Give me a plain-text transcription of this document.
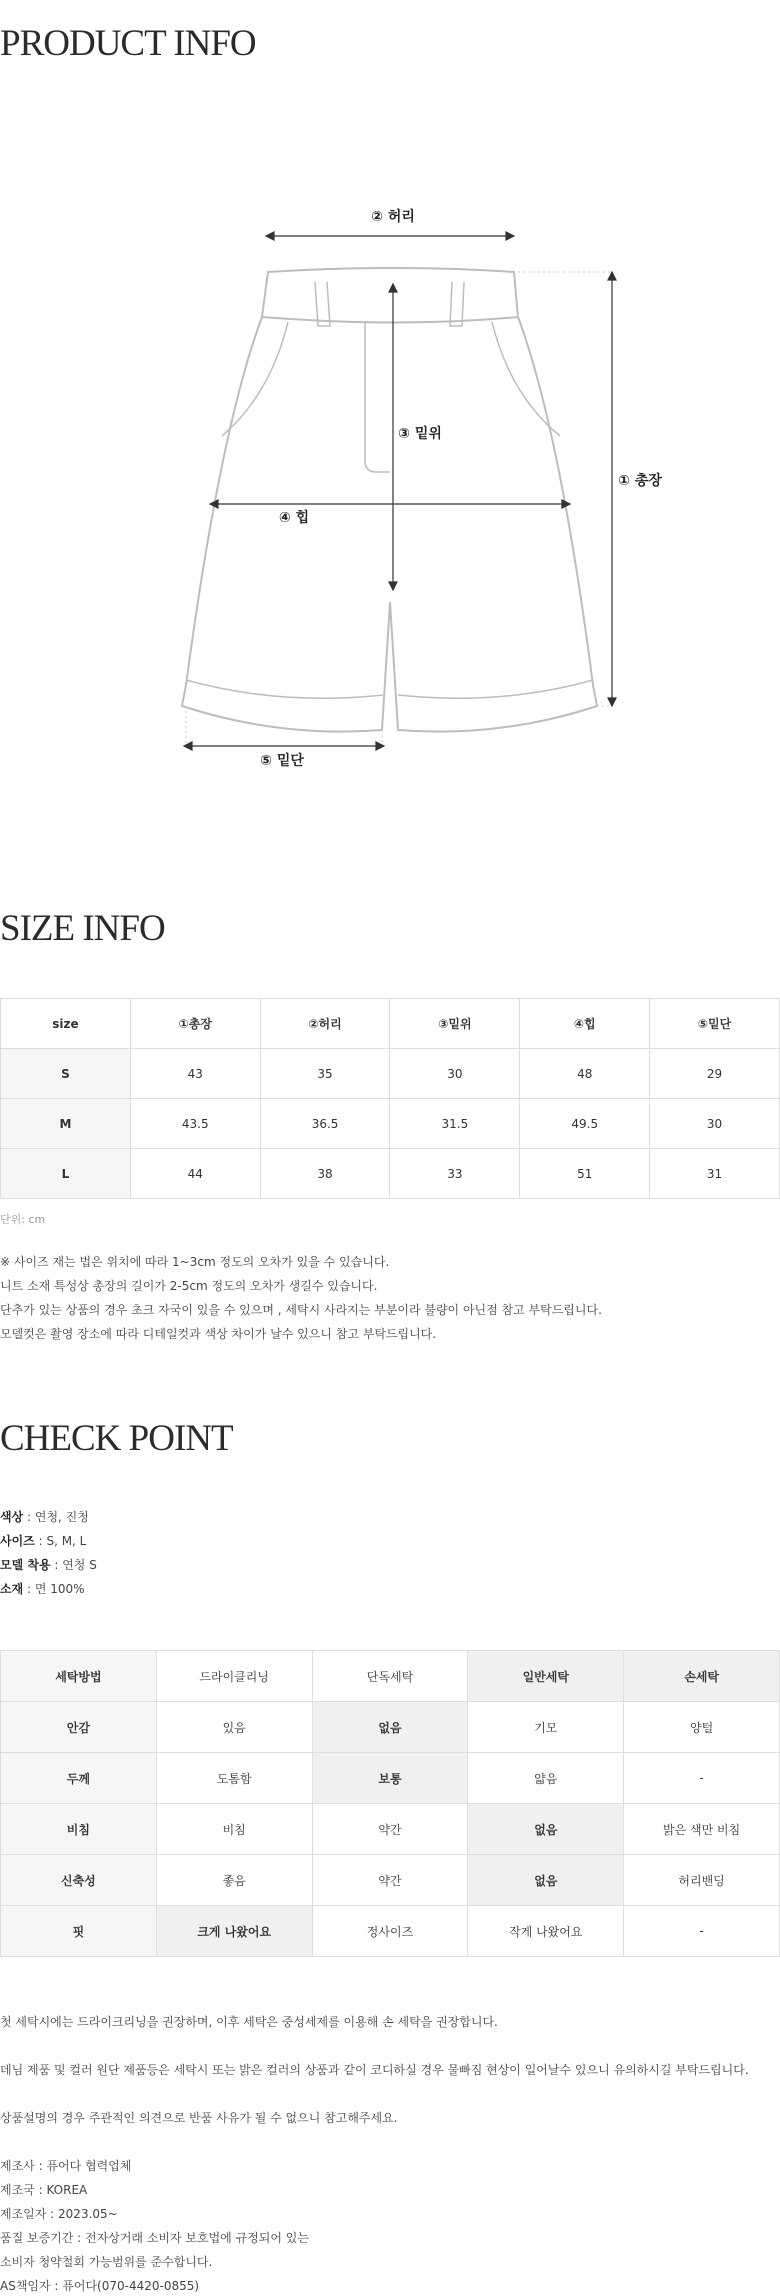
PRODUCT INFO
② 허리
① 총장
③ 밑위
④ 힙
⑤ 밑단
SIZE INFO
size	①총장	②허리	③밑위	④힙	⑤밑단
S	43	35	30	48	29
M	43.5	36.5	31.5	49.5	30
L	44	38	33	51	31
단위: cm
※ 사이즈 재는 법은 위치에 따라 1~3cm 정도의 오차가 있을 수 있습니다.
니트 소재 특성상 총장의 길이가 2-5cm 정도의 오차가 생길수 있습니다.
단추가 있는 상품의 경우 초크 자국이 있을 수 있으며 , 세탁시 사라지는 부분이라 불량이 아닌점 참고 부탁드립니다.
모델컷은 촬영 장소에 따라 디테일컷과 색상 차이가 날수 있으니 참고 부탁드립니다.
CHECK POINT
색상 : 연청, 진청
사이즈 : S, M, L
모델 착용 : 연청 S
소재 : 면 100%
세탁방법	드라이클리닝	단독세탁	일반세탁	손세탁
안감	있음	없음	기모	양털
두께	도톰함	보통	얇음	-
비침	비침	약간	없음	밝은 색만 비침
신축성	좋음	약간	없음	허리밴딩
핏	크게 나왔어요	정사이즈	작게 나왔어요	-
첫 세탁시에는 드라이크리닝을 권장하며, 이후 세탁은 중성세제를 이용해 손 세탁을 권장합니다.
데님 제품 및 컬러 원단 제품등은 세탁시 또는 밝은 컬러의 상품과 같이 코디하실 경우 물빠짐 현상이 일어날수 있으니 유의하시길 부탁드립니다.
상품설명의 경우 주관적인 의견으로 반품 사유가 될 수 없으니 참고해주세요.
제조사 : 퓨어다 협력업체
제조국 : KOREA
제조일자 : 2023.05~
품질 보증기간 : 전자상거래 소비자 보호법에 규정되어 있는
소비자 청약철회 가능범위를 준수합니다.
AS책임자 : 퓨어다(070-4420-0855)
